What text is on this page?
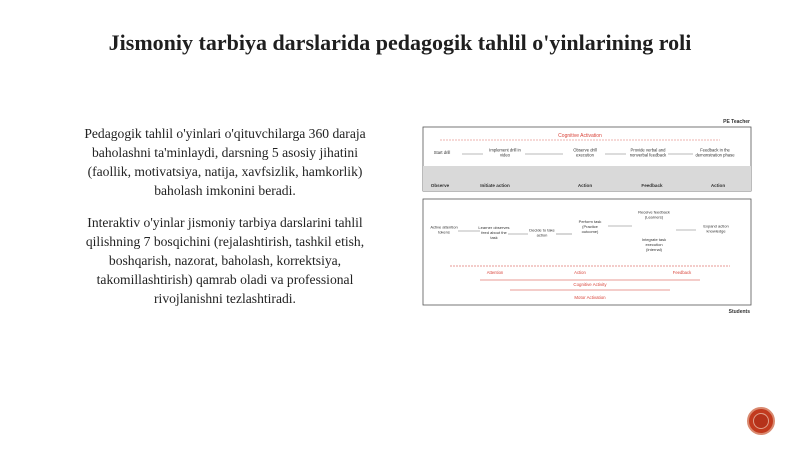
Jismoniy tarbiya darslarida pedagogik tahlil o'yinlarining roli
Pedagogik tahlil o'yinlari o'qituvchilarga 360 daraja baholashni ta'minlaydi, darsning 5 asosiy jihatini (faollik, motivatsiya, natija, xavfsizlik, hamkorlik) baholash imkonini beradi.
Interaktiv o'yinlar jismoniy tarbiya darslarini tahlil qilishning 7 bosqichini (rejalashtirish, tashkil etish, boshqarish, nazorat, baholash, korrektsiya, takomillashtirish) qamrab oladi va professional rivojlanishni tezlashtiradi.
PE Teacher
Cognitive Activation
Start drill	Implement drill in video
Observe drill execution
Provide verbal and nonverbal feedback
Feedback in the demonstration phase
Observe	Initiate action	Action	Feedback	Action
Active attention tokens
Learner observes feed about the task
Decide to take action
Perform task (Practice outcome)
Receive feedback (Learners)
Integrate task execution (Internal)
Expand action knowledge
Attention	Action	Feedback
Cognitive Activity
Motor Activation
Students
